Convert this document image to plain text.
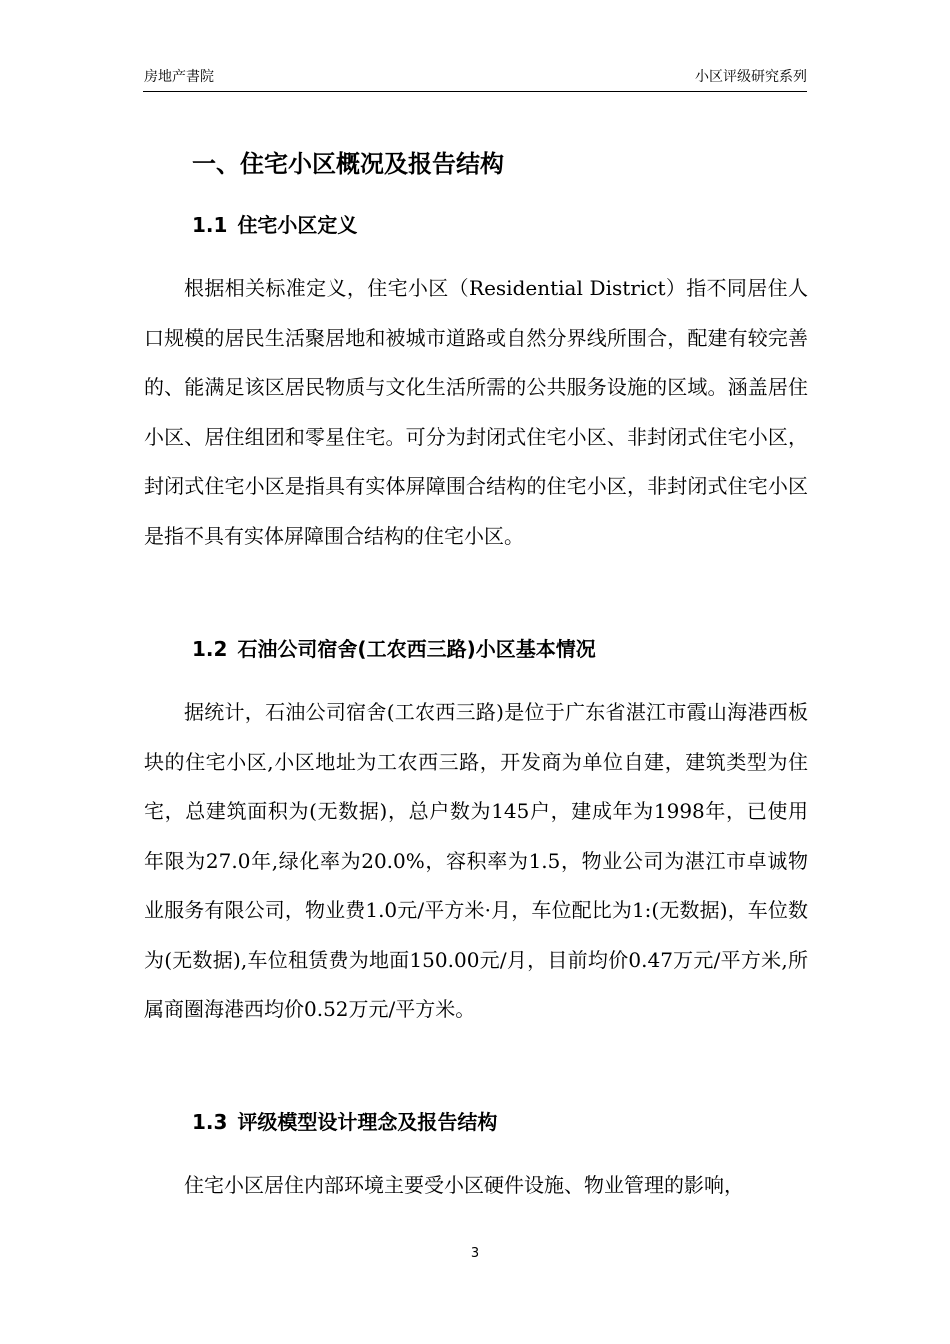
房地产書院	小区评级研究系列
一、住宅小区概况及报告结构
1.1 住宅小区定义

根据相关标准定义，住宅小区（Residential District）指不同居住人口规模的居民生活聚居地和被城市道路或自然分界线所围合，配建有较完善的、能满足该区居民物质与文化生活所需的公共服务设施的区域。涵盖居住小区、居住组团和零星住宅。可分为封闭式住宅小区、非封闭式住宅小区，封闭式住宅小区是指具有实体屏障围合结构的住宅小区，非封闭式住宅小区是指不具有实体屏障围合结构的住宅小区。

1.2 石油公司宿舍(工农西三路)小区基本情况

据统计，石油公司宿舍(工农西三路)是位于广东省湛江市霞山海港西板块的住宅小区,小区地址为工农西三路，开发商为单位自建，建筑类型为住宅，总建筑面积为(无数据)，总户数为145户，建成年为1998年，已使用年限为27.0年,绿化率为20.0%，容积率为1.5，物业公司为湛江市卓诚物业服务有限公司，物业费1.0元/平方米·月，车位配比为1:(无数据)，车位数为(无数据),车位租赁费为地面150.00元/月，目前均价0.47万元/平方米,所属商圈海港西均价0.52万元/平方米。

1.3 评级模型设计理念及报告结构

住宅小区居住内部环境主要受小区硬件设施、物业管理的影响，

3
